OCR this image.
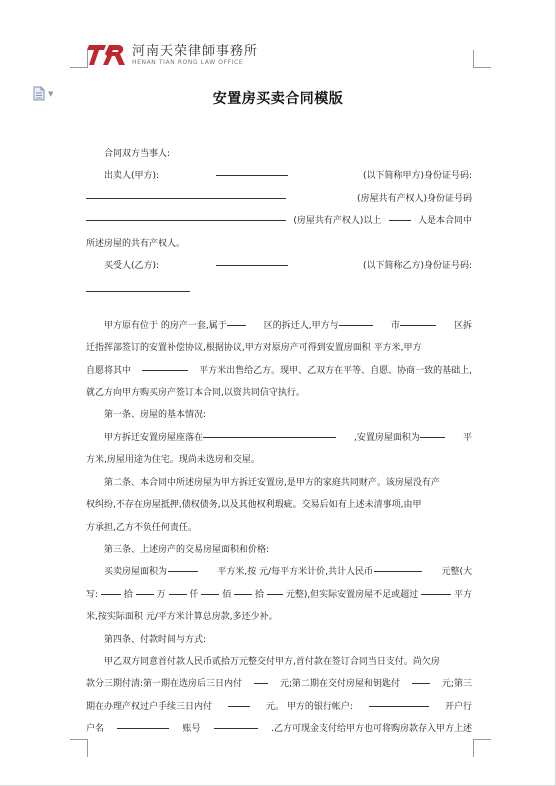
河南天荣律師事務所
HENAN TIAN RONG LAW OFFICE
▼	安置房买卖合同模版
合同双方当事人:
出卖人(甲方):	(以下简称甲方)身份证号码:
(房屋共有产权人)身份证号码
(房屋共有产权人)以上	人是本合同中
所述房屋的共有产权人。
买受人(乙方):	(以下简称乙方)身份证号码:
甲方原有位于 的房产一套,属于	区的拆迁人,甲方与	市	区拆
迁指挥部签订的安置补偿协议,根据协议,甲方对原房产可得到安置房面积 平方米,甲方
自愿将其中	平方米出售给乙方。现甲、乙双方在平等、自愿、协商一致的基础上,
就乙方向甲方购买房产签订本合同,以资共同信守执行。
第一条、房屋的基本情况:
甲方拆迁安置房屋座落在	,安置房屋面积为	平
方米,房屋用途为住宅。现尚未选房和交屋。
第二条、本合同中所述房屋为甲方拆迁安置房,是甲方的家庭共同财产。该房屋没有产
权纠纷,不存在房屋抵押,债权债务,以及其他权利瑕疵。交易后如有上述未清事项,由甲
方承担,乙方不负任何责任。
第三条、上述房产的交易房屋面积和价格:
买卖房屋面积为	平方米,按 元/每平方米计价,共计人民币	元整(大
写:	拾	万	仟	佰	拾 元整),但实际安置房屋不足或超过	平方
米,按实际面积 元/平方米计算总房款,多还少补。
第四条、付款时间与方式:
甲乙双方同意首付款人民币贰拾万元整交付甲方,首付款在签订合同当日支付。尚欠房
款分三期付清:第一期在选房后三日内付	元;第二期在交付房屋和钥匙付	元;第三
期在办理产权过户手续三日内付	元。 甲方的银行帐户:	开户行
户名	账号	.乙方可现金支付给甲方也可将购房款存入甲方上述
